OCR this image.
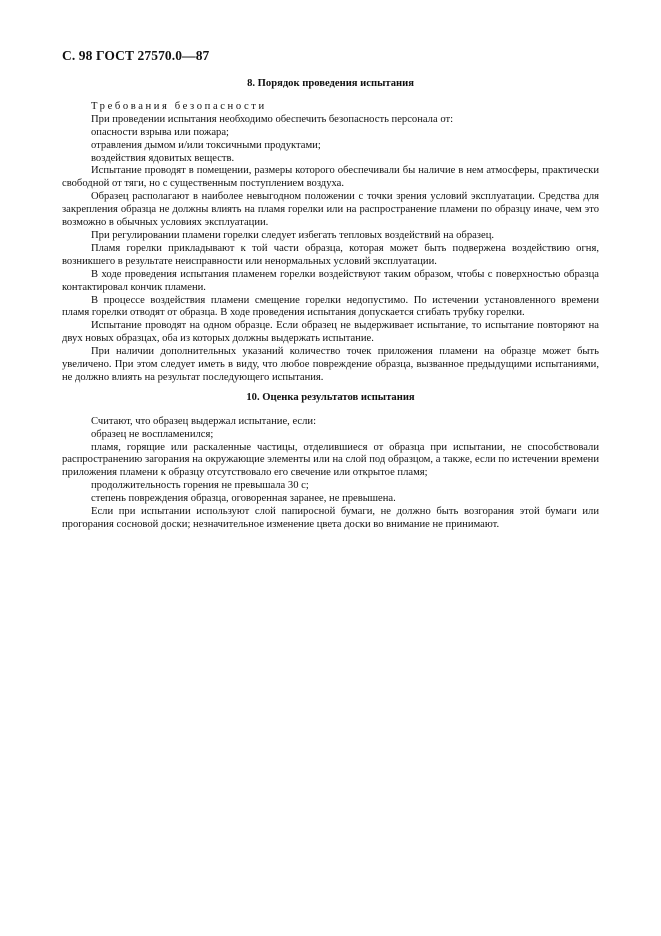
С. 98 ГОСТ 27570.0—87
8. Порядок проведения испытания

Требования безопасности

При проведении испытания необходимо обеспечить безопасность персонала от:

опасности взрыва или пожара;

отравления дымом и/или токсичными продуктами;

воздействия ядовитых веществ.

Испытание проводят в помещении, размеры которого обеспечивали бы наличие в нем атмосферы, практически свободной от тяги, но с существенным поступлением воздуха.

Образец располагают в наиболее невыгодном положении с точки зрения условий эксплуатации. Средства для закрепления образца не должны влиять на пламя горелки или на распространение пламени по образцу иначе, чем это возможно в обычных условиях эксплуатации.

При регулировании пламени горелки следует избегать тепловых воздействий на образец.

Пламя горелки прикладывают к той части образца, которая может быть подвержена воздействию огня, возникшего в результате неисправности или ненормальных условий эксплуатации.

В ходе проведения испытания пламенем горелки воздействуют таким образом, чтобы с поверхностью образца контактировал кончик пламени.

В процессе воздействия пламени смещение горелки недопустимо. По истечении установленного времени пламя горелки отводят от образца. В ходе проведения испытания допускается сгибать трубку горелки.

Испытание проводят на одном образце. Если образец не выдерживает испытание, то испытание повторяют на двух новых образцах, оба из которых должны выдержать испытание.

При наличии дополнительных указаний количество точек приложения пламени на образце может быть увеличено. При этом следует иметь в виду, что любое повреждение образца, вызванное предыдущими испытаниями, не должно влиять на результат последующего испытания.

10. Оценка результатов испытания

Считают, что образец выдержал испытание, если:

образец не воспламенился;

пламя, горящие или раскаленные частицы, отделившиеся от образца при испытании, не способствовали распространению загорания на окружающие элементы или на слой под образцом, а также, если по истечении времени приложения пламени к образцу отсутствовало его свечение или открытое пламя;

продолжительность горения не превышала 30 с;

степень повреждения образца, оговоренная заранее, не превышена.

Если при испытании используют слой папиросной бумаги, не должно быть возгорания этой бумаги или прогорания сосновой доски; незначительное изменение цвета доски во внимание не принимают.
